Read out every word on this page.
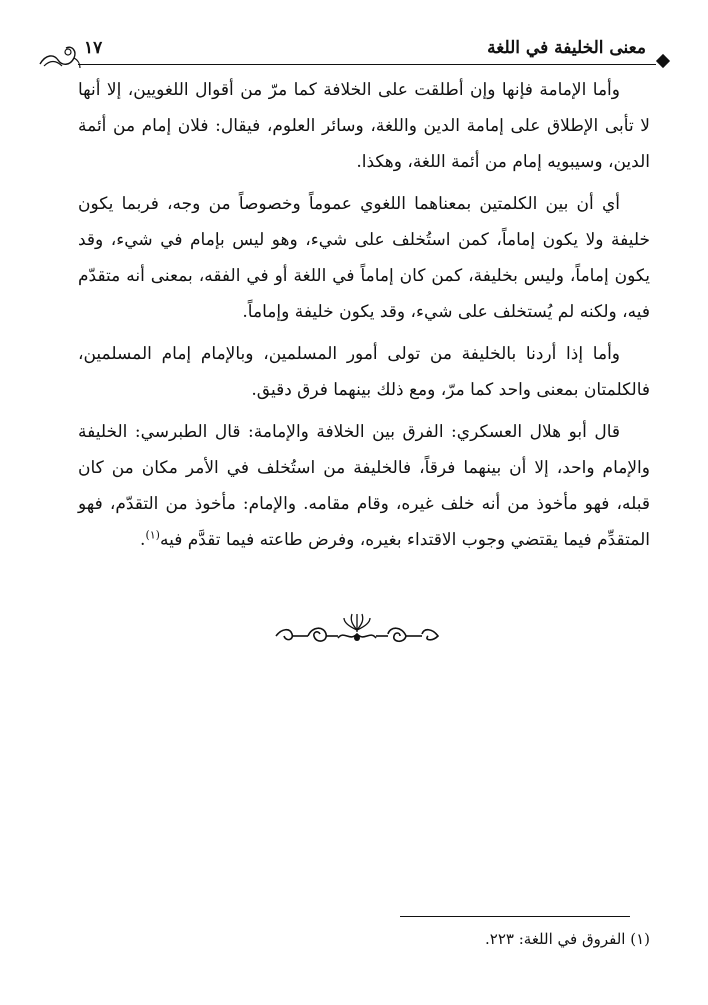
معنى الخليفة في اللغة
١٧

وأما الإمامة فإنها وإن أطلقت على الخلافة كما مرّ من أقوال اللغويين، إلا أنها لا تأبى الإطلاق على إمامة الدين واللغة، وسائر العلوم، فيقال: فلان إمام من أئمة الدين، وسيبويه إمام من أئمة اللغة، وهكذا.

أي أن بين الكلمتين بمعناهما اللغوي عموماً وخصوصاً من وجه، فربما يكون خليفة ولا يكون إماماً، كمن استُخلف على شيء، وهو ليس بإمام في شيء، وقد يكون إماماً، وليس بخليفة، كمن كان إماماً في اللغة أو في الفقه، بمعنى أنه متقدّم فيه، ولكنه لم يُستخلف على شيء، وقد يكون خليفة وإماماً.

وأما إذا أردنا بالخليفة من تولى أمور المسلمين، وبالإمام إمام المسلمين، فالكلمتان بمعنى واحد كما مرّ، ومع ذلك بينهما فرق دقيق.

قال أبو هلال العسكري: الفرق بين الخلافة والإمامة: قال الطبرسي: الخليفة والإمام واحد، إلا أن بينهما فرقاً، فالخليفة من استُخلف في الأمر مكان من كان قبله، فهو مأخوذ من أنه خلف غيره، وقام مقامه. والإمام: مأخوذ من التقدّم، فهو المتقدِّم فيما يقتضي وجوب الاقتداء بغيره، وفرض طاعته فيما تقدَّم فيه$^{(١)}$.

(١) الفروق في اللغة: ٢٢٣.
